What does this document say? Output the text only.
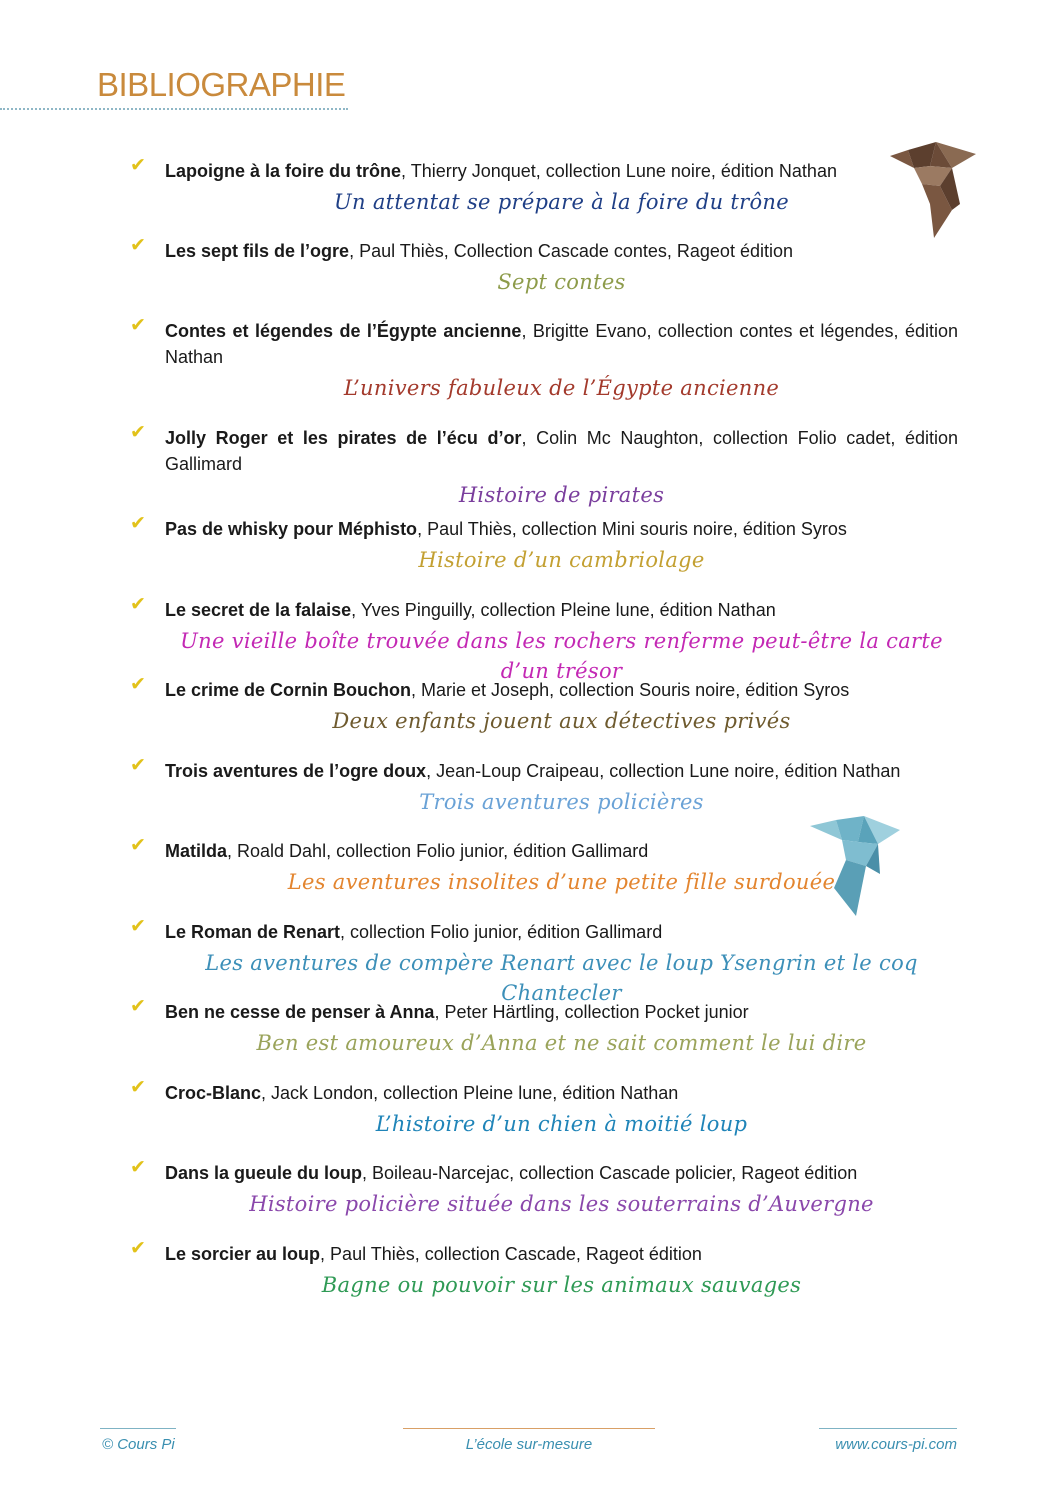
BIBLIOGRAPHIE
✔ Lapoigne à la foire du trône, Thierry Jonquet, collection Lune noire, édition Nathan

Un attentat se prépare à la foire du trône

✔ Les sept fils de l’ogre, Paul Thiès, Collection Cascade contes, Rageot édition

Sept contes

✔ Contes et légendes de l’Égypte ancienne, Brigitte Evano, collection contes et légendes, édition Nathan

L’univers fabuleux de l’Égypte ancienne

✔ Jolly Roger et les pirates de l’écu d’or, Colin Mc Naughton, collection Folio cadet, édition Gallimard

Histoire de pirates

✔ Pas de whisky pour Méphisto, Paul Thiès, collection Mini souris noire, édition Syros

Histoire d’un cambriolage

✔ Le secret de la falaise, Yves Pinguilly, collection Pleine lune, édition Nathan

Une vieille boîte trouvée dans les rochers renferme peut-être la carte d’un trésor

✔ Le crime de Cornin Bouchon, Marie et Joseph, collection Souris noire, édition Syros

Deux enfants jouent aux détectives privés

✔ Trois aventures de l’ogre doux, Jean-Loup Craipeau, collection Lune noire, édition Nathan

Trois aventures policières

✔ Matilda, Roald Dahl, collection Folio junior, édition Gallimard

Les aventures insolites d’une petite fille surdouée

✔ Le Roman de Renart, collection Folio junior, édition Gallimard

Les aventures de compère Renart avec le loup Ysengrin et le coq Chantecler

✔ Ben ne cesse de penser à Anna, Peter Härtling, collection Pocket junior

Ben est amoureux d’Anna et ne sait comment le lui dire

✔ Croc-Blanc, Jack London, collection Pleine lune, édition Nathan

L’histoire d’un chien à moitié loup

✔ Dans la gueule du loup, Boileau-Narcejac, collection Cascade policier, Rageot édition

Histoire policière située dans les souterrains d’Auvergne

✔ Le sorcier au loup, Paul Thiès, collection Cascade, Rageot édition

Bagne ou pouvoir sur les animaux sauvages

© Cours Pi	L’école sur-mesure	www.cours-pi.com
